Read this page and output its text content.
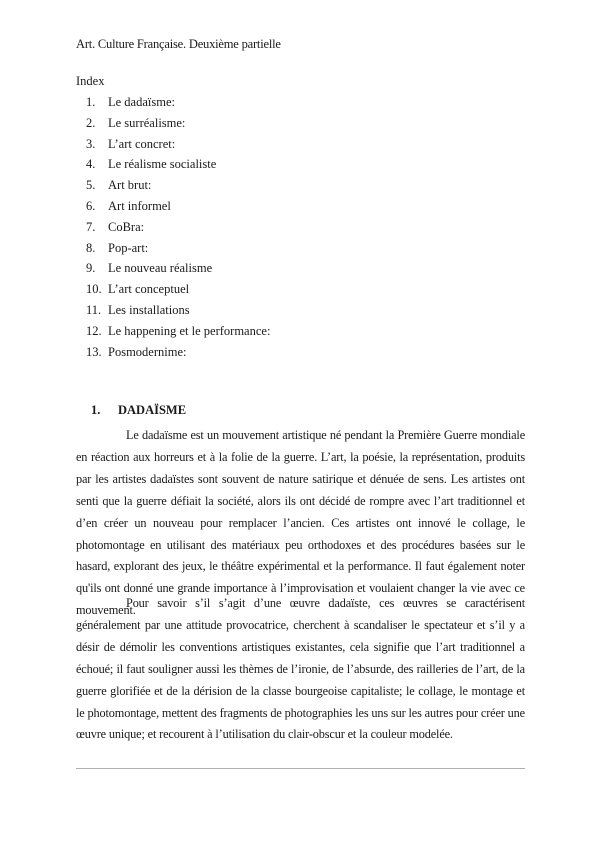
Art. Culture Française. Deuxième partielle
Index
1. Le dadaïsme:
2. Le surréalisme:
3. L’art concret:
4. Le réalisme socialiste
5. Art brut:
6. Art informel
7. CoBra:
8. Pop-art:
9. Le nouveau réalisme
10. L’art conceptuel
11. Les installations
12. Le happening et le performance:
13. Posmodernime:
1. DADAÏSME

Le dadaïsme est un mouvement artistique né pendant la Première Guerre mondiale en réaction aux horreurs et à la folie de la guerre. L’art, la poésie, la représentation, produits par les artistes dadaïstes sont souvent de nature satirique et dénuée de sens. Les artistes ont senti que la guerre défiait la société, alors ils ont décidé de rompre avec l’art traditionnel et d’en créer un nouveau pour remplacer l’ancien. Ces artistes ont innové le collage, le photomontage en utilisant des matériaux peu orthodoxes et des procédures basées sur le hasard, explorant des jeux, le théâtre expérimental et la performance. Il faut également noter qu'ils ont donné une grande importance à l’improvisation et voulaient changer la vie avec ce mouvement.

Pour savoir s’il s’agit d’une œuvre dadaïste, ces œuvres se caractérisent généralement par une attitude provocatrice, cherchent à scandaliser le spectateur et s’il y a désir de démolir les conventions artistiques existantes, cela signifie que l’art traditionnel a échoué; il faut souligner aussi les thèmes de l’ironie, de l’absurde, des railleries de l’art, de la guerre glorifiée et de la dérision de la classe bourgeoise capitaliste; le collage, le montage et le photomontage, mettent des fragments de photographies les uns sur les autres pour créer une œuvre unique; et recourent à l’utilisation du clair-obscur et la couleur modelée.
